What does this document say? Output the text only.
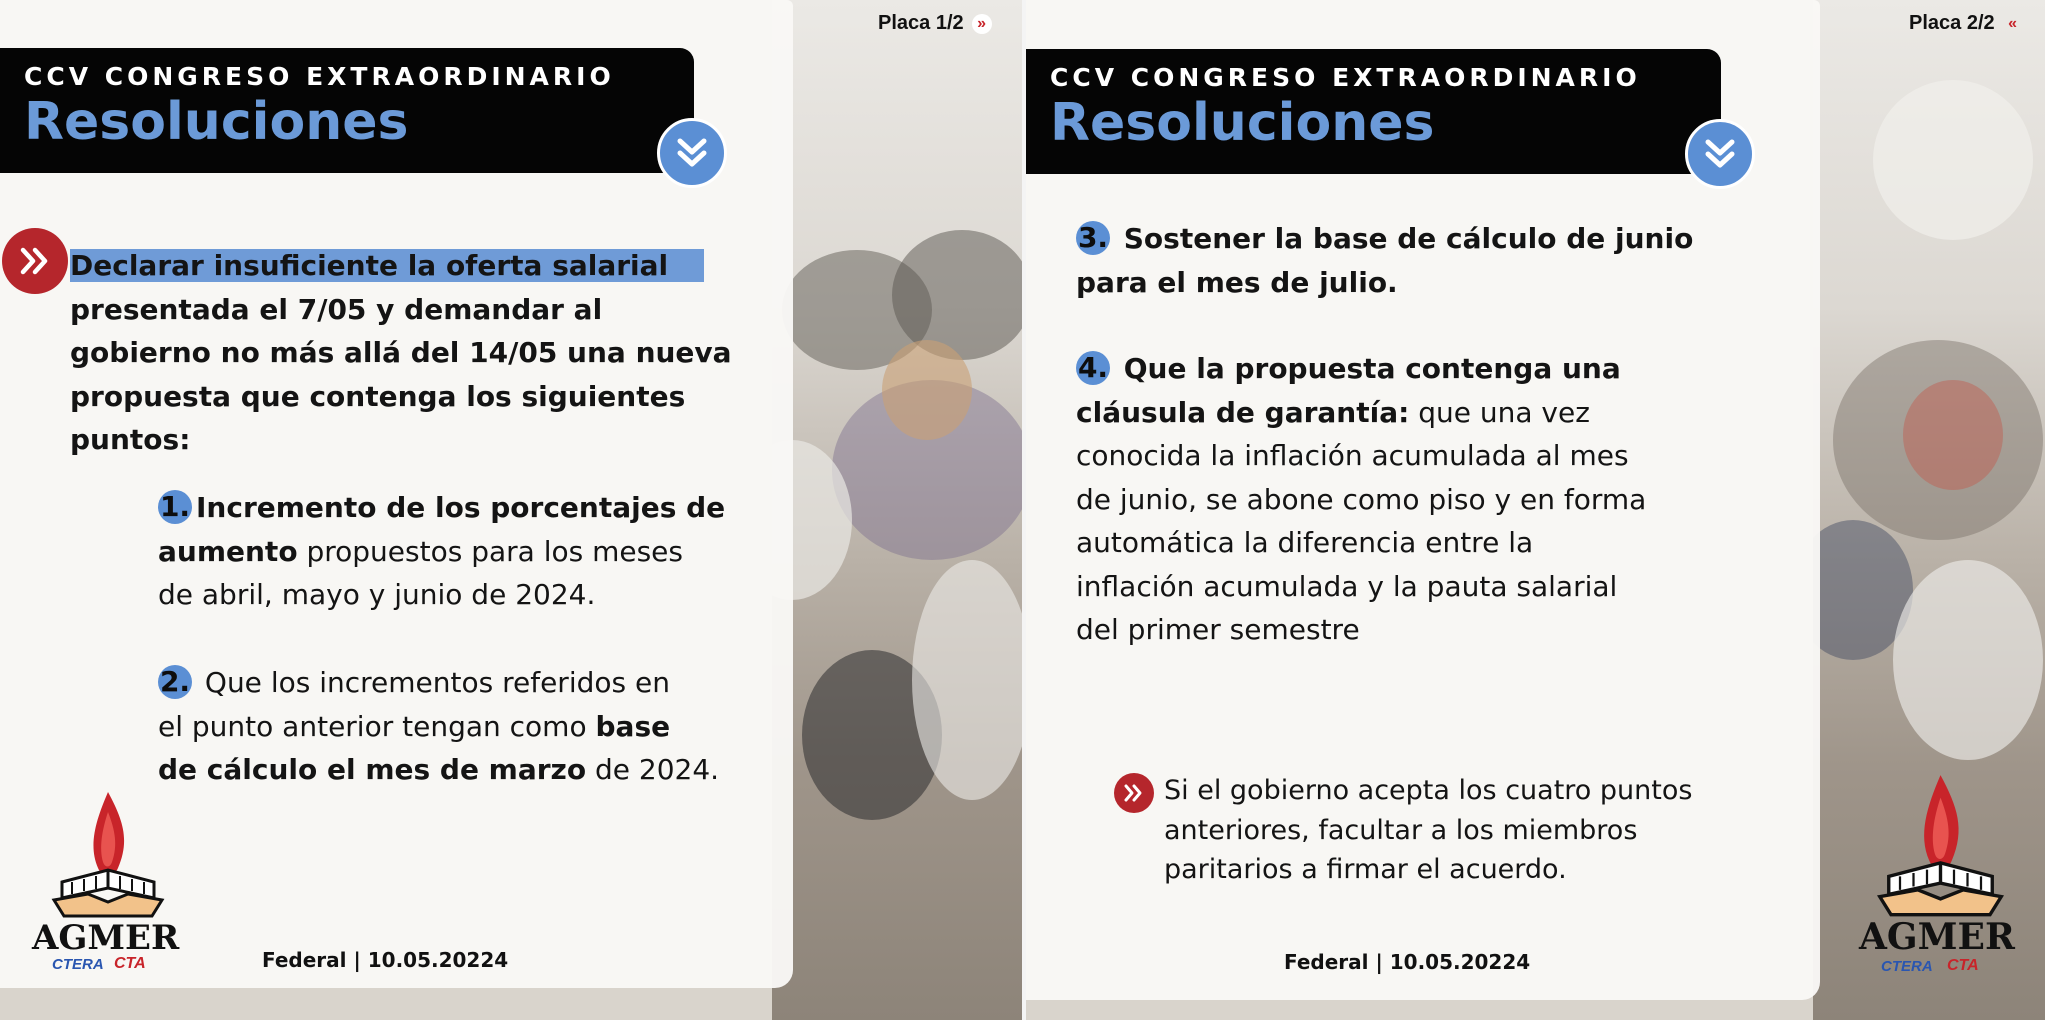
Placa 1/2 »
CCV CONGRESO EXTRAORDINARIO
Resoluciones
Declarar insuficiente la oferta salarial
presentada el 7/05 y demandar al
gobierno no más allá del 14/05 una nueva
propuesta que contenga los siguientes
puntos:
1. Incremento de los porcentajes de
aumento propuestos para los meses
de abril, mayo y junio de 2024.
2. Que los incrementos referidos en
el punto anterior tengan como base
de cálculo el mes de marzo de 2024.
AGMER
CTERA CTA	Federal | 10.05.20224
Placa 2/2 «
CCV CONGRESO EXTRAORDINARIO
Resoluciones
3. Sostener la base de cálculo de junio
para el mes de julio.
4. Que la propuesta contenga una
cláusula de garantía: que una vez
conocida la inflación acumulada al mes
de junio, se abone como piso y en forma
automática la diferencia entre la
inflación acumulada y la pauta salarial
del primer semestre
Si el gobierno acepta los cuatro puntos
anteriores, facultar a los miembros
paritarios a firmar el acuerdo.
Federal | 10.05.20224
AGMER
CTERA CTA
